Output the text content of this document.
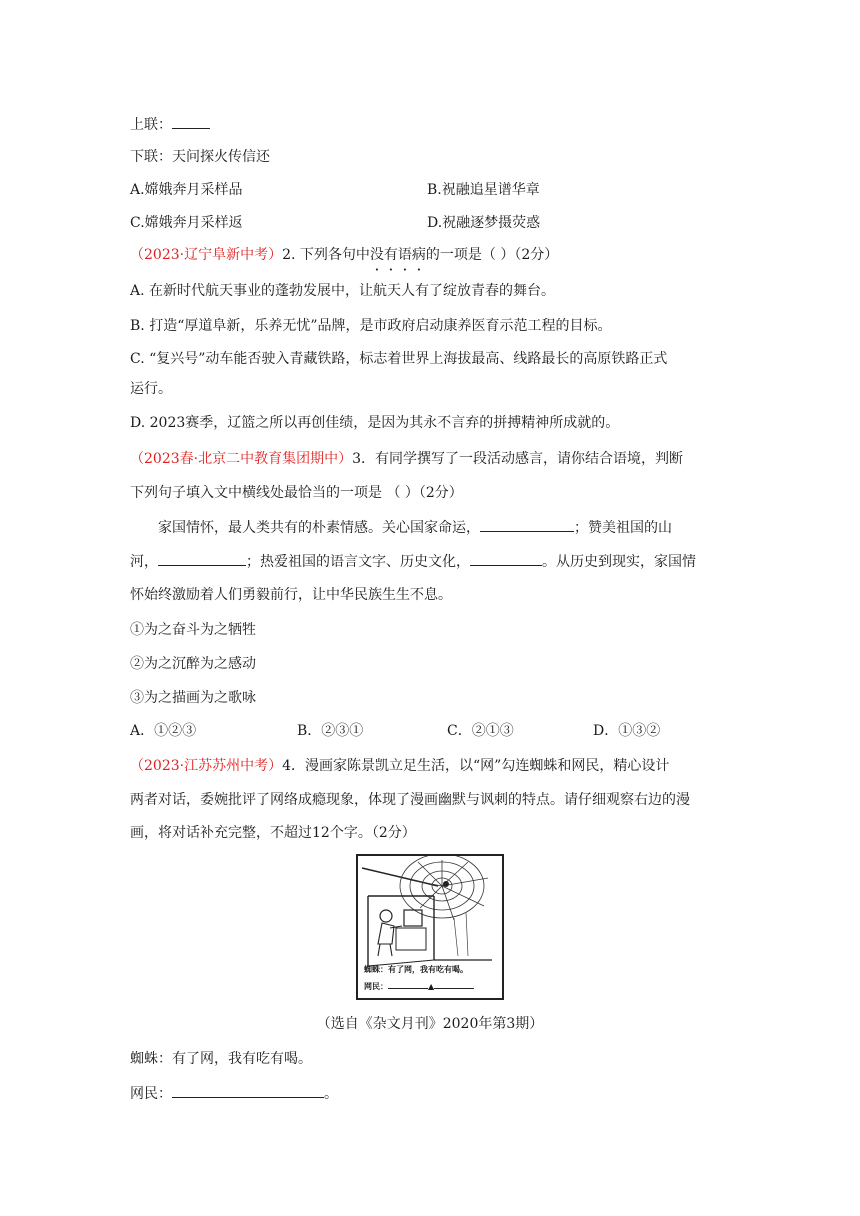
上联：
下联：天问探火传信还
A.嫦娥奔月采样品	B.祝融追星谱华章
C.嫦娥奔月采样返	D.祝融逐梦摄荧惑
（2023·辽宁阜新中考）2. 下列各句中没有语病的一项是（ ）（2分）
A. 在新时代航天事业的蓬勃发展中，让航天人有了绽放青春的舞台。
B. 打造“厚道阜新，乐养无忧”品牌，是市政府启动康养医育示范工程的目标。
C. “复兴号”动车能否驶入青藏铁路，标志着世界上海拔最高、线路最长的高原铁路正式
运行。
D. 2023赛季，辽篮之所以再创佳绩，是因为其永不言弃的拼搏精神所成就的。
（2023春·北京二中教育集团期中）3．有同学撰写了一段活动感言，请你结合语境，判断
下列句子填入文中横线处最恰当的一项是 （ ）（2分）
家国情怀，最人类共有的朴素情感。关心国家命运，	；赞美祖国的山
河，	；热爱祖国的语言文字、历史文化，	。从历史到现实，家国情
怀始终激励着人们勇毅前行，让中华民族生生不息。
①为之奋斗为之牺牲
②为之沉醉为之感动
③为之描画为之歌咏
A．①②③	B．②③①	C．②①③	D．①③②
（2023·江苏苏州中考）4．漫画家陈景凯立足生活，以“网”勾连蜘蛛和网民，精心设计
两者对话，委婉批评了网络成瘾现象，体现了漫画幽默与讽刺的特点。请仔细观察右边的漫
画，将对话补充完整，不超过12个字。（2分）
蜘蛛：有了网，我有吃有喝。
网民：	▲
（选自《杂文月刊》2020年第3期）
蜘蛛：有了网，我有吃有喝。
网民：	。
